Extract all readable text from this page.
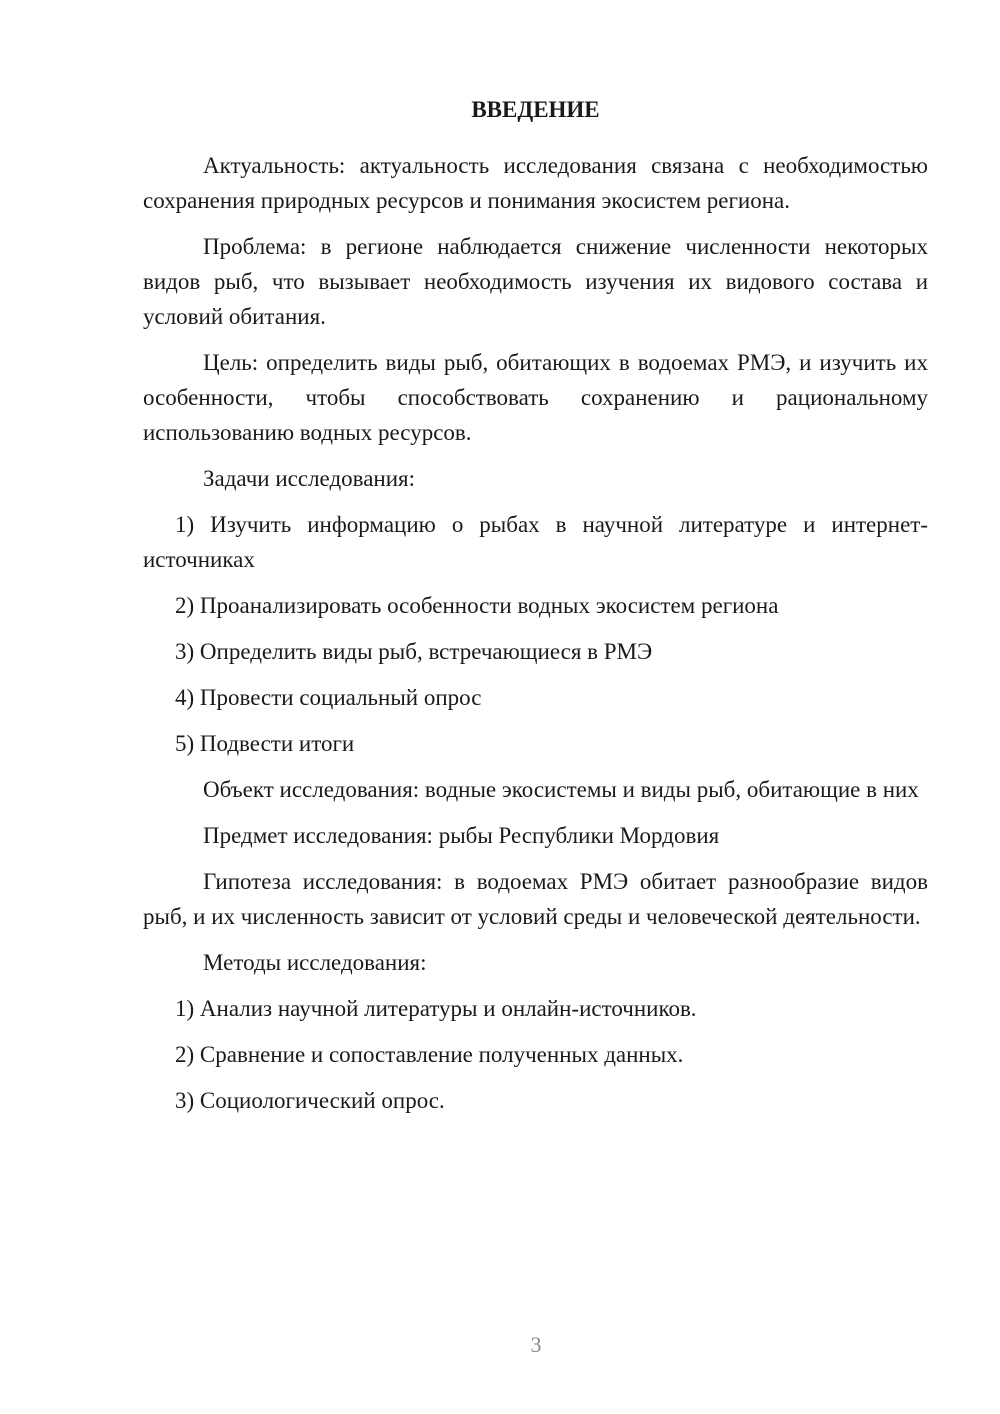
ВВЕДЕНИЕ

Актуальность: актуальность исследования связана с необходимостью сохранения природных ресурсов и понимания экосистем региона.

Проблема: в регионе наблюдается снижение численности некоторых видов рыб, что вызывает необходимость изучения их видового состава и условий обитания.

Цель: определить виды рыб, обитающих в водоемах РМЭ, и изучить их особенности, чтобы способствовать сохранению и рациональному использованию водных ресурсов.

Задачи исследования:

1) Изучить информацию о рыбах в научной литературе и интернет-источниках

2) Проанализировать особенности водных экосистем региона

3) Определить виды рыб, встречающиеся в РМЭ

4) Провести социальный опрос

5) Подвести итоги

Объект исследования: водные экосистемы и виды рыб, обитающие в них

Предмет исследования: рыбы Республики Мордовия

Гипотеза исследования: в водоемах РМЭ обитает разнообразие видов рыб, и их численность зависит от условий среды и человеческой деятельности.

Методы исследования:

1) Анализ научной литературы и онлайн-источников.

2) Сравнение и сопоставление полученных данных.

3) Социологический опрос.

3
